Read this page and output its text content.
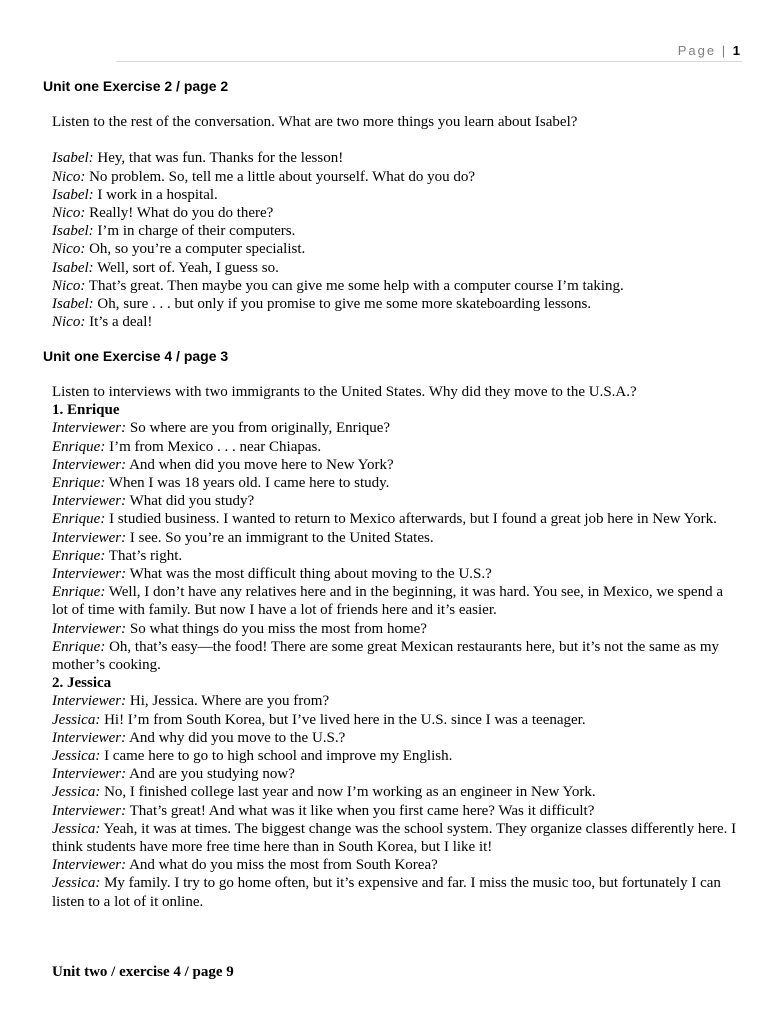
Page | 1
Unit one Exercise 2 / page 2
Listen to the rest of the conversation. What are two more things you learn about Isabel?
Isabel: Hey, that was fun. Thanks for the lesson!
Nico: No problem. So, tell me a little about yourself. What do you do?
Isabel: I work in a hospital.
Nico: Really! What do you do there?
Isabel: I’m in charge of their computers.
Nico: Oh, so you’re a computer specialist.
Isabel: Well, sort of. Yeah, I guess so.
Nico: That’s great. Then maybe you can give me some help with a computer course I’m taking.
Isabel: Oh, sure . . . but only if you promise to give me some more skateboarding lessons.
Nico: It’s a deal!
Unit one Exercise 4 / page 3
Listen to interviews with two immigrants to the United States. Why did they move to the U.S.A.?
1. Enrique
Interviewer: So where are you from originally, Enrique?
Enrique: I’m from Mexico . . . near Chiapas.
Interviewer: And when did you move here to New York?
Enrique: When I was 18 years old. I came here to study.
Interviewer: What did you study?
Enrique: I studied business. I wanted to return to Mexico afterwards, but I found a great job here in New York.
Interviewer: I see. So you’re an immigrant to the United States.
Enrique: That’s right.
Interviewer: What was the most difficult thing about moving to the U.S.?
Enrique: Well, I don’t have any relatives here and in the beginning, it was hard. You see, in Mexico, we spend a lot of time with family. But now I have a lot of friends here and it’s easier.
Interviewer: So what things do you miss the most from home?
Enrique: Oh, that’s easy—the food! There are some great Mexican restaurants here, but it’s not the same as my mother’s cooking.
2. Jessica
Interviewer: Hi, Jessica. Where are you from?
Jessica: Hi! I’m from South Korea, but I’ve lived here in the U.S. since I was a teenager.
Interviewer: And why did you move to the U.S.?
Jessica: I came here to go to high school and improve my English.
Interviewer: And are you studying now?
Jessica: No, I finished college last year and now I’m working as an engineer in New York.
Interviewer: That’s great! And what was it like when you first came here? Was it difficult?
Jessica: Yeah, it was at times. The biggest change was the school system. They organize classes differently here. I think students have more free time here than in South Korea, but I like it!
Interviewer: And what do you miss the most from South Korea?
Jessica: My family. I try to go home often, but it’s expensive and far. I miss the music too, but fortunately I can listen to a lot of it online.
Unit two / exercise 4 / page 9
